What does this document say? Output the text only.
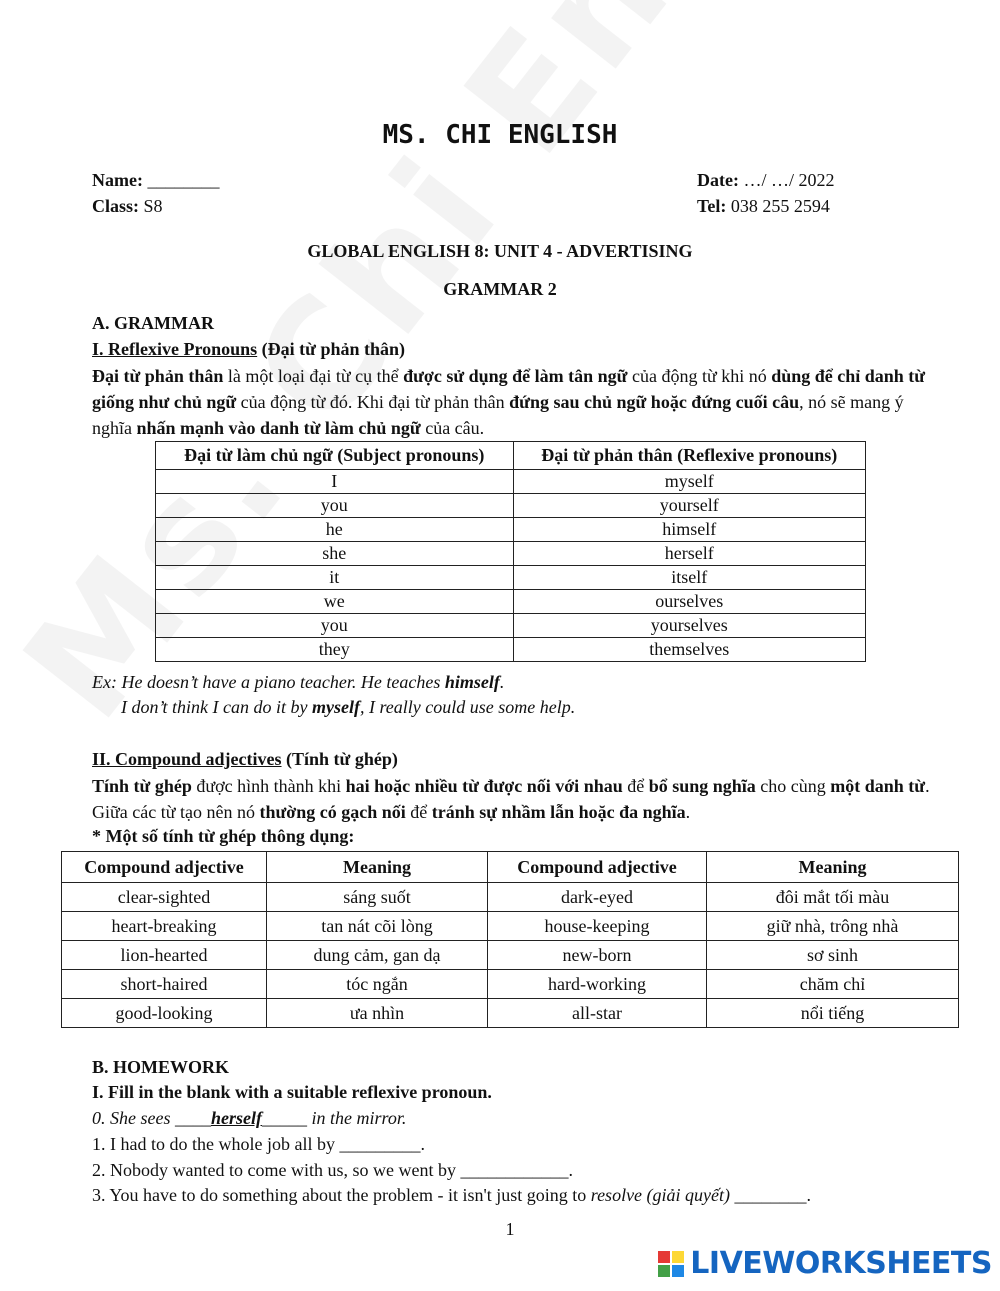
MS. CHI ENGLISH
Name: ________	Date: …/ …/ 2022
Class: S8	Tel: 038 255 2594
GLOBAL ENGLISH 8: UNIT 4 - ADVERTISING
GRAMMAR 2
A. GRAMMAR
I. Reflexive Pronouns (Đại từ phản thân)
Đại từ phản thân là một loại đại từ cụ thể được sử dụng để làm tân ngữ của động từ khi nó dùng để chỉ danh từ giống như chủ ngữ của động từ đó. Khi đại từ phản thân đứng sau chủ ngữ hoặc đứng cuối câu, nó sẽ mang ý nghĩa nhấn mạnh vào danh từ làm chủ ngữ của câu.
Đại từ làm chủ ngữ (Subject pronouns)	Đại từ phản thân (Reflexive pronouns)
I	myself
you	yourself
he	himself
she	herself
it	itself
we	ourselves
you	yourselves
they	themselves
Ex: He doesn’t have a piano teacher. He teaches himself.
I don’t think I can do it by myself, I really could use some help.
II. Compound adjectives (Tính từ ghép)
Tính từ ghép được hình thành khi hai hoặc nhiều từ được nối với nhau để bổ sung nghĩa cho cùng một danh từ. Giữa các từ tạo nên nó thường có gạch nối để tránh sự nhầm lẫn hoặc đa nghĩa.
* Một số tính từ ghép thông dụng:
Compound adjective	Meaning	Compound adjective	Meaning
clear-sighted	sáng suốt	dark-eyed	đôi mắt tối màu
heart-breaking	tan nát cõi lòng	house-keeping	giữ nhà, trông nhà
lion-hearted	dung cảm, gan dạ	new-born	sơ sinh
short-haired	tóc ngắn	hard-working	chăm chỉ
good-looking	ưa nhìn	all-star	nổi tiếng
B. HOMEWORK
I. Fill in the blank with a suitable reflexive pronoun.
0. She sees ____herself_____ in the mirror.
1. I had to do the whole job all by _________.
2. Nobody wanted to come with us, so we went by ____________.
3. You have to do something about the problem - it isn't just going to resolve (giải quyết) ________.
1
LIVEWORKSHEETS
